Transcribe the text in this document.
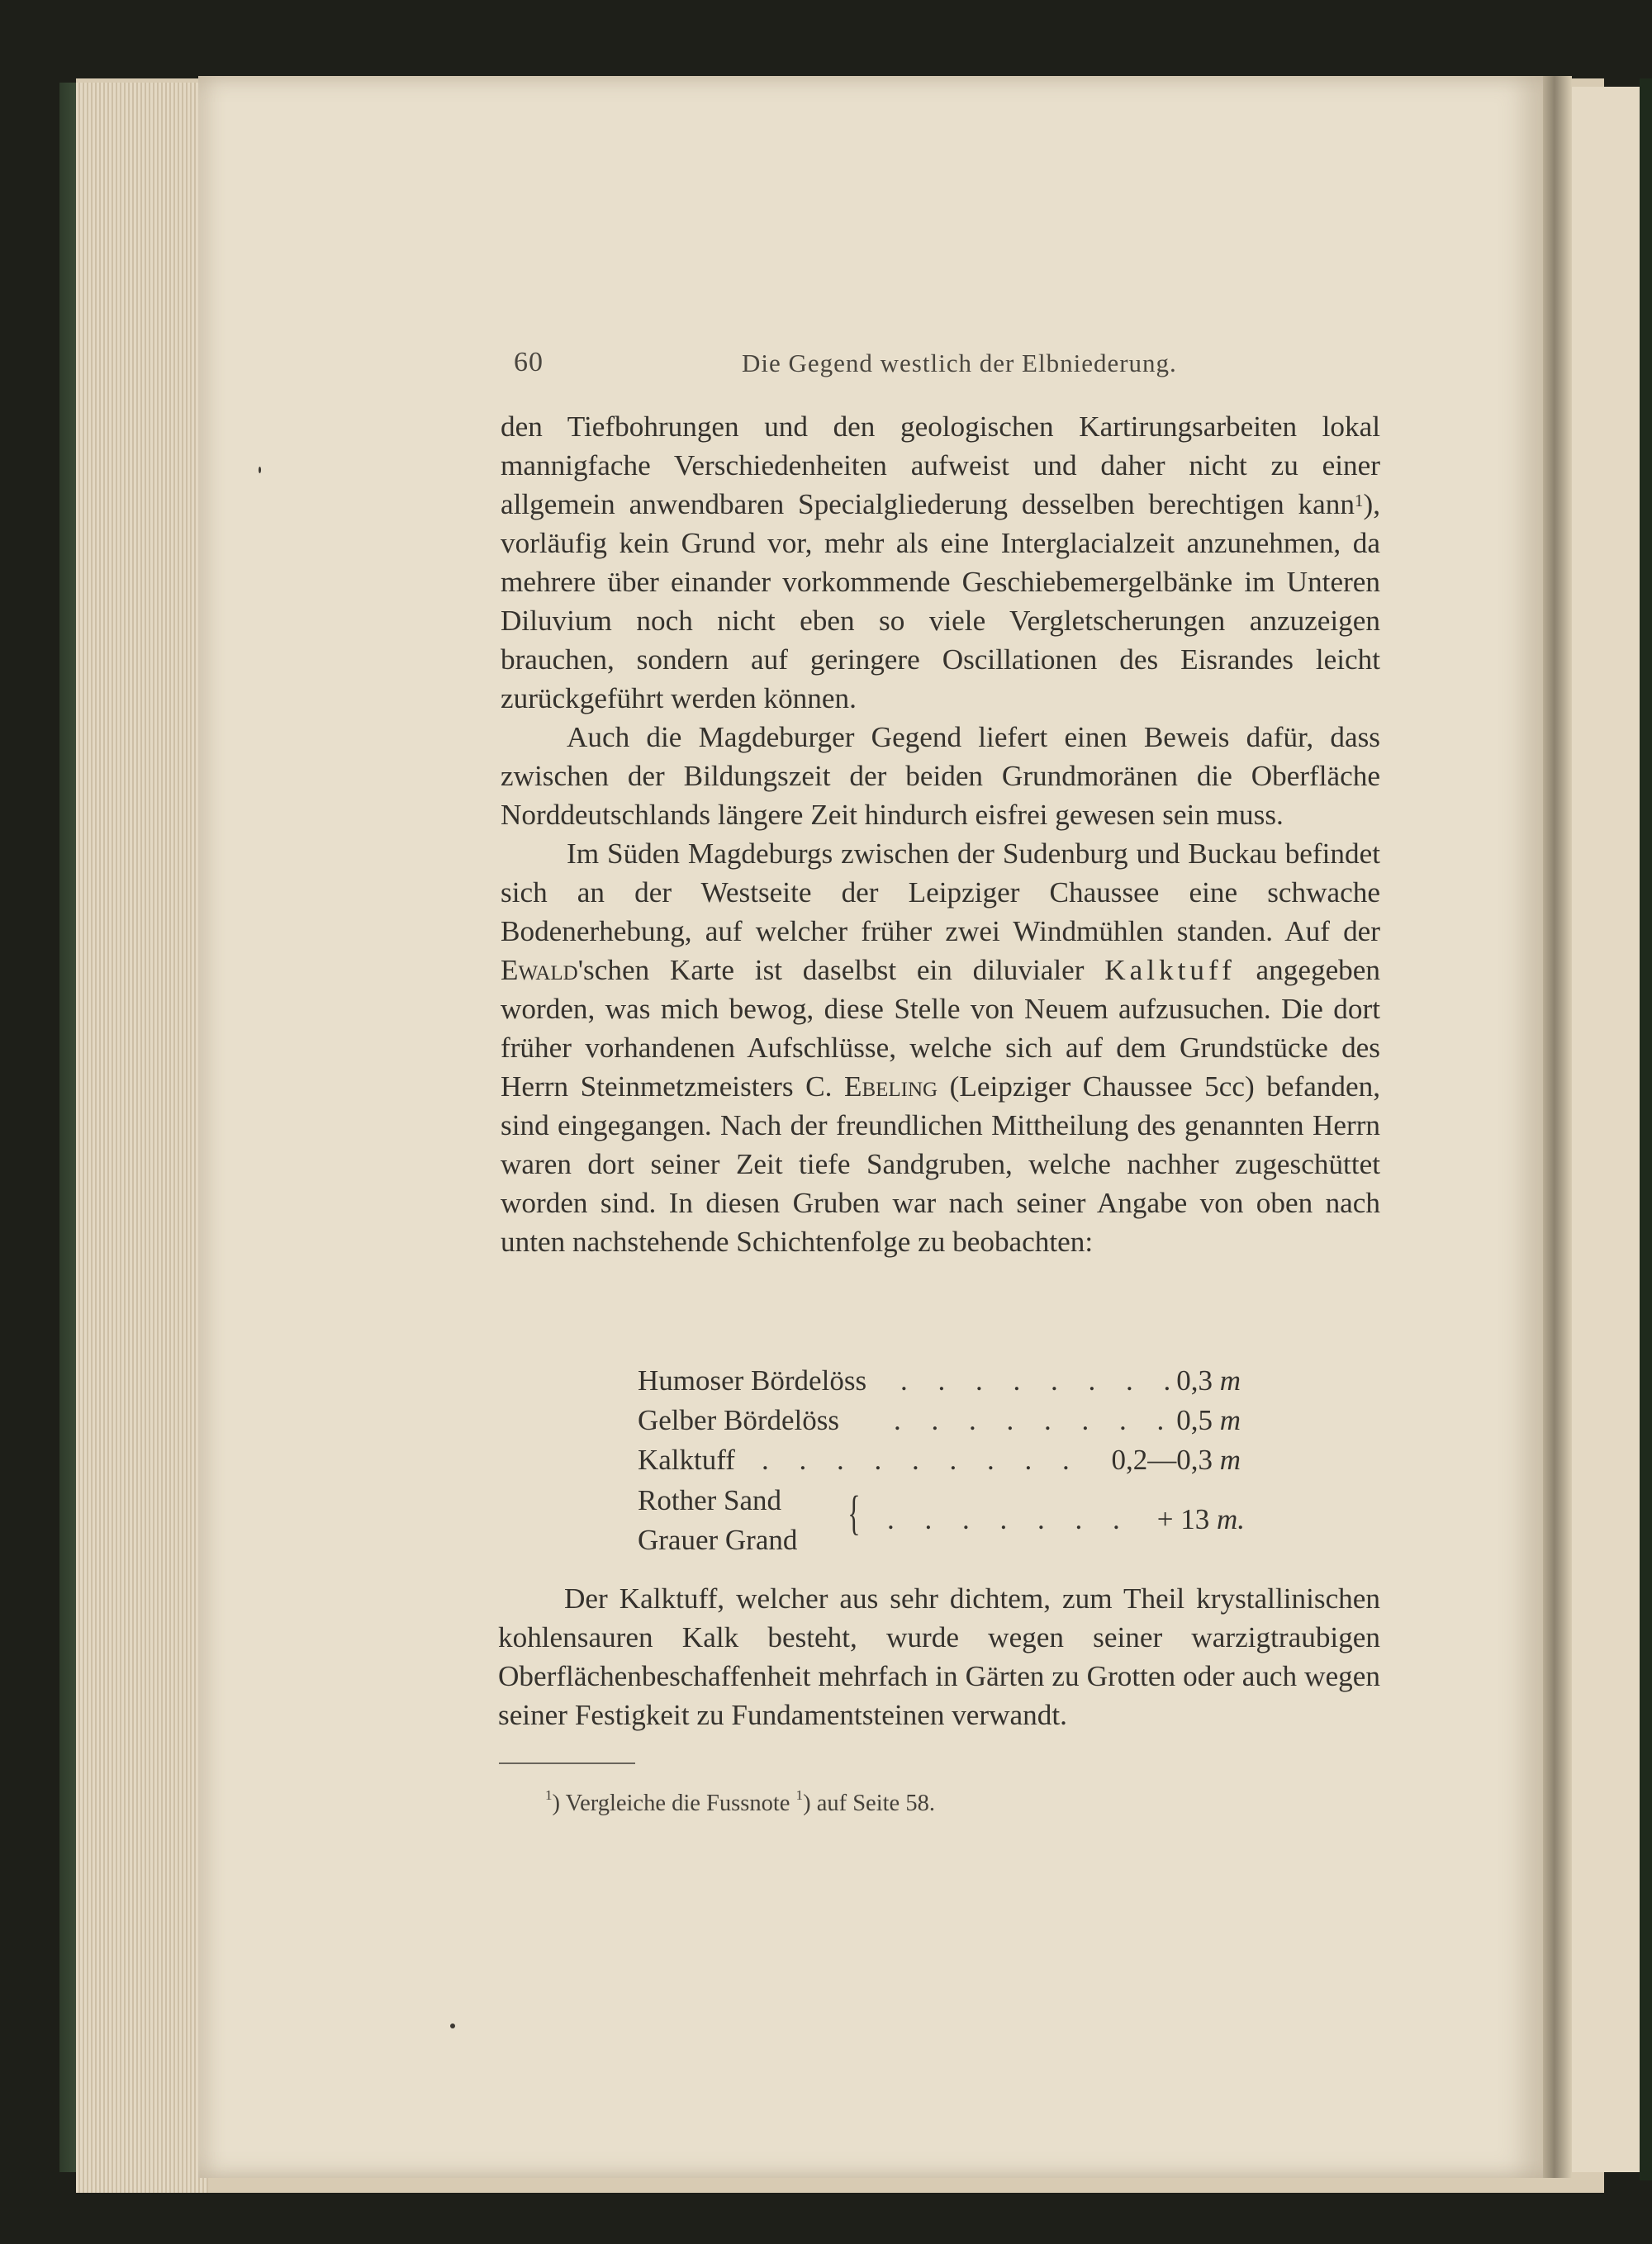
60	Die Gegend westlich der Elbniederung.

den Tiefbohrungen und den geologischen Kartirungsarbeiten lokal mannigfache Verschiedenheiten aufweist und daher nicht zu einer allgemein anwendbaren Specialgliederung desselben berechtigen kann$^1$), vorläufig kein Grund vor, mehr als eine Interglacialzeit anzunehmen, da mehrere über einander vorkommende Geschiebemergelbänke im Unteren Diluvium noch nicht eben so viele Vergletscherungen anzuzeigen brauchen, sondern auf geringere Oscillationen des Eisrandes leicht zurückgeführt werden können.

Auch die Magdeburger Gegend liefert einen Beweis dafür, dass zwischen der Bildungszeit der beiden Grundmoränen die Oberfläche Norddeutschlands längere Zeit hindurch eisfrei gewesen sein muss.

Im Süden Magdeburgs zwischen der Sudenburg und Buckau befindet sich an der Westseite der Leipziger Chaussee eine schwache Bodenerhebung, auf welcher früher zwei Windmühlen standen. Auf der Ewald'schen Karte ist daselbst ein diluvialer Kalktuff angegeben worden, was mich bewog, diese Stelle von Neuem aufzusuchen. Die dort früher vorhandenen Aufschlüsse, welche sich auf dem Grundstücke des Herrn Steinmetzmeisters C. Ebeling (Leipziger Chaussee 5cc) befanden, sind eingegangen. Nach der freundlichen Mittheilung des genannten Herrn waren dort seiner Zeit tiefe Sandgruben, welche nachher zugeschüttet worden sind. In diesen Gruben war nach seiner Angabe von oben nach unten nachstehende Schichtenfolge zu beobachten:

Humoser Bördelöss . . . . . . . .
0,3 m
Gelber Bördelöss . . . . . . . . 0,5 m
Kalktuff . . . . . . . . . 0,2—0,3 m
Rother Sand
Grauer Grand
. . . . . . . + 13 m.
{

Der Kalktuff, welcher aus sehr dichtem, zum Theil krystallinischen kohlensauren Kalk besteht, wurde wegen seiner warzigtraubigen Oberflächenbeschaffenheit mehrfach in Gärten zu Grotten oder auch wegen seiner Festigkeit zu Fundamentsteinen verwandt.

$^1$) Vergleiche die Fussnote $^1$) auf Seite 58.
